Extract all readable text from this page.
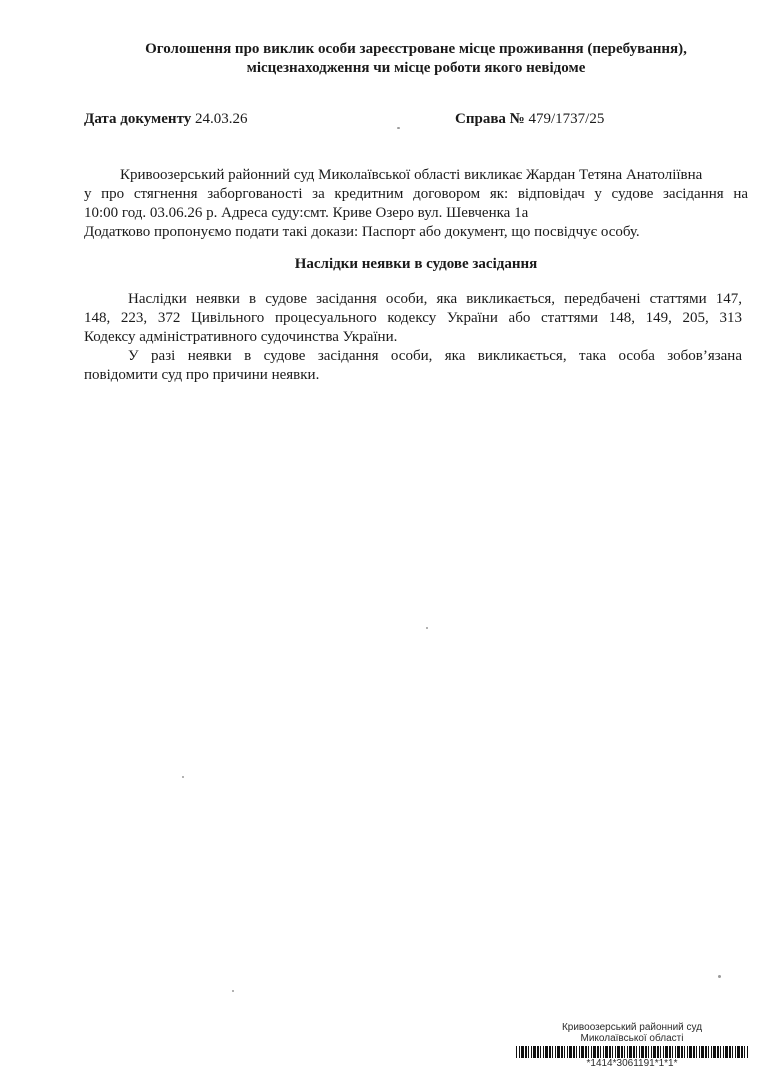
Оголошення про виклик особи зареєстроване місце проживання (перебування),
місцезнаходження чи місце роботи якого невідоме
Дата документу 24.03.26	Справа № 479/1737/25
Кривоозерський районний суд Миколаївської області викликає Жардан Тетяна Анатоліївна
у про стягнення заборгованості за кредитним договором як: відповідач у судове засідання на
10:00 год. 03.06.26 р. Адреса суду:смт. Криве Озеро вул. Шевченка 1а
Додатково пропонуємо подати такі докази: Паспорт або документ, що посвідчує особу.
Наслідки неявки в судове засідання
Наслідки неявки в судове засідання особи, яка викликається, передбачені статтями 147,
148, 223, 372 Цивільного процесуального кодексу України або статтями 148, 149, 205, 313
Кодексу адміністративного судочинства України.
У разі неявки в судове засідання особи, яка викликається, така особа зобов’язана
повідомити суд про причини неявки.
Кривоозерський районний суд
Миколаївської області
*1414*3061191*1*1*
